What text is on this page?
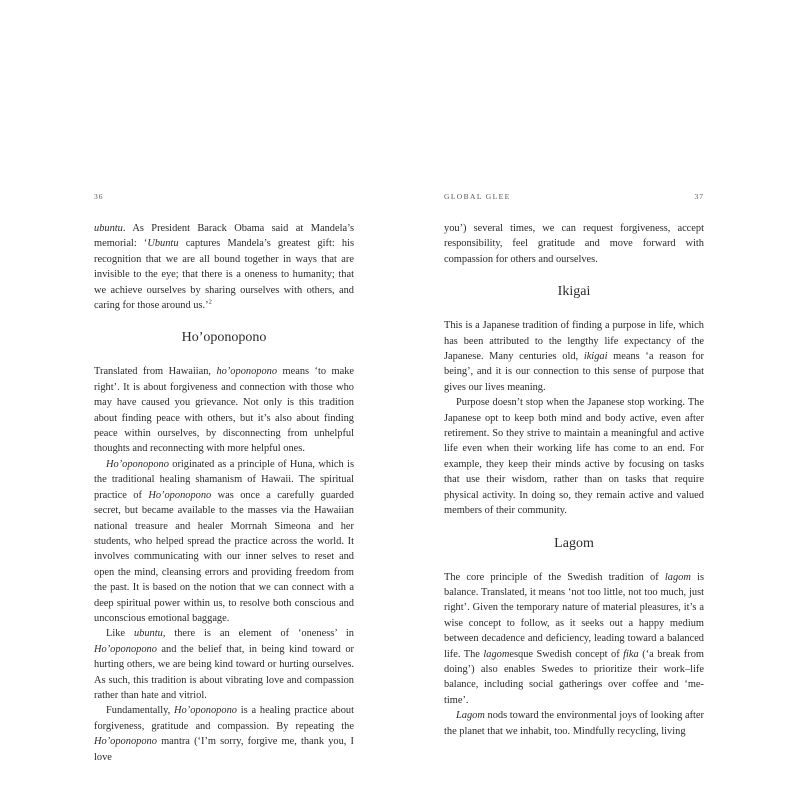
36

ubuntu. As President Barack Obama said at Mandela’s memorial: ‘Ubuntu captures Mandela’s greatest gift: his recognition that we are all bound together in ways that are invisible to the eye; that there is a oneness to humanity; that we achieve ourselves by sharing ourselves with others, and caring for those around us.’$^2$

Ho’oponopono

Translated from Hawaiian, ho’oponopono means ‘to make right’. It is about forgiveness and connection with those who may have caused you grievance. Not only is this tradition about finding peace with others, but it’s also about finding peace within ourselves, by disconnecting from unhelpful thoughts and reconnecting with more helpful ones.

Ho’oponopono originated as a principle of Huna, which is the traditional healing shamanism of Hawaii. The spiritual practice of Ho’oponopono was once a carefully guarded secret, but became available to the masses via the Hawaiian national treasure and healer Morrnah Simeona and her students, who helped spread the practice across the world. It involves communicating with our inner selves to reset and open the mind, cleansing errors and providing freedom from the past. It is based on the notion that we can connect with a deep spiritual power within us, to resolve both conscious and unconscious emotional baggage.

Like ubuntu, there is an element of ‘oneness’ in Ho’oponopono and the belief that, in being kind toward or hurting others, we are being kind toward or hurting ourselves. As such, this tradition is about vibrating love and compassion rather than hate and vitriol.

Fundamentally, Ho’oponopono is a healing practice about forgiveness, gratitude and compassion. By repeating the Ho’oponopono mantra (‘I’m sorry, forgive me, thank you, I love

GLOBAL GLEE	37

you’) several times, we can request forgiveness, accept responsibility, feel gratitude and move forward with compassion for others and ourselves.

Ikigai

This is a Japanese tradition of finding a purpose in life, which has been attributed to the lengthy life expectancy of the Japanese. Many centuries old, ikigai means ‘a reason for being’, and it is our connection to this sense of purpose that gives our lives meaning.

Purpose doesn’t stop when the Japanese stop working. The Japanese opt to keep both mind and body active, even after retirement. So they strive to maintain a meaningful and active life even when their working life has come to an end. For example, they keep their minds active by focusing on tasks that use their wisdom, rather than on tasks that require physical activity. In doing so, they remain active and valued members of their community.

Lagom

The core principle of the Swedish tradition of lagom is balance. Translated, it means ‘not too little, not too much, just right’. Given the temporary nature of material pleasures, it’s a wise concept to follow, as it seeks out a happy medium between decadence and deficiency, leading toward a balanced life. The lagomesque Swedish concept of fika (‘a break from doing’) also enables Swedes to prioritize their work–life balance, including social gatherings over coffee and ‘me-time’.

Lagom nods toward the environmental joys of looking after the planet that we inhabit, too. Mindfully recycling, living
